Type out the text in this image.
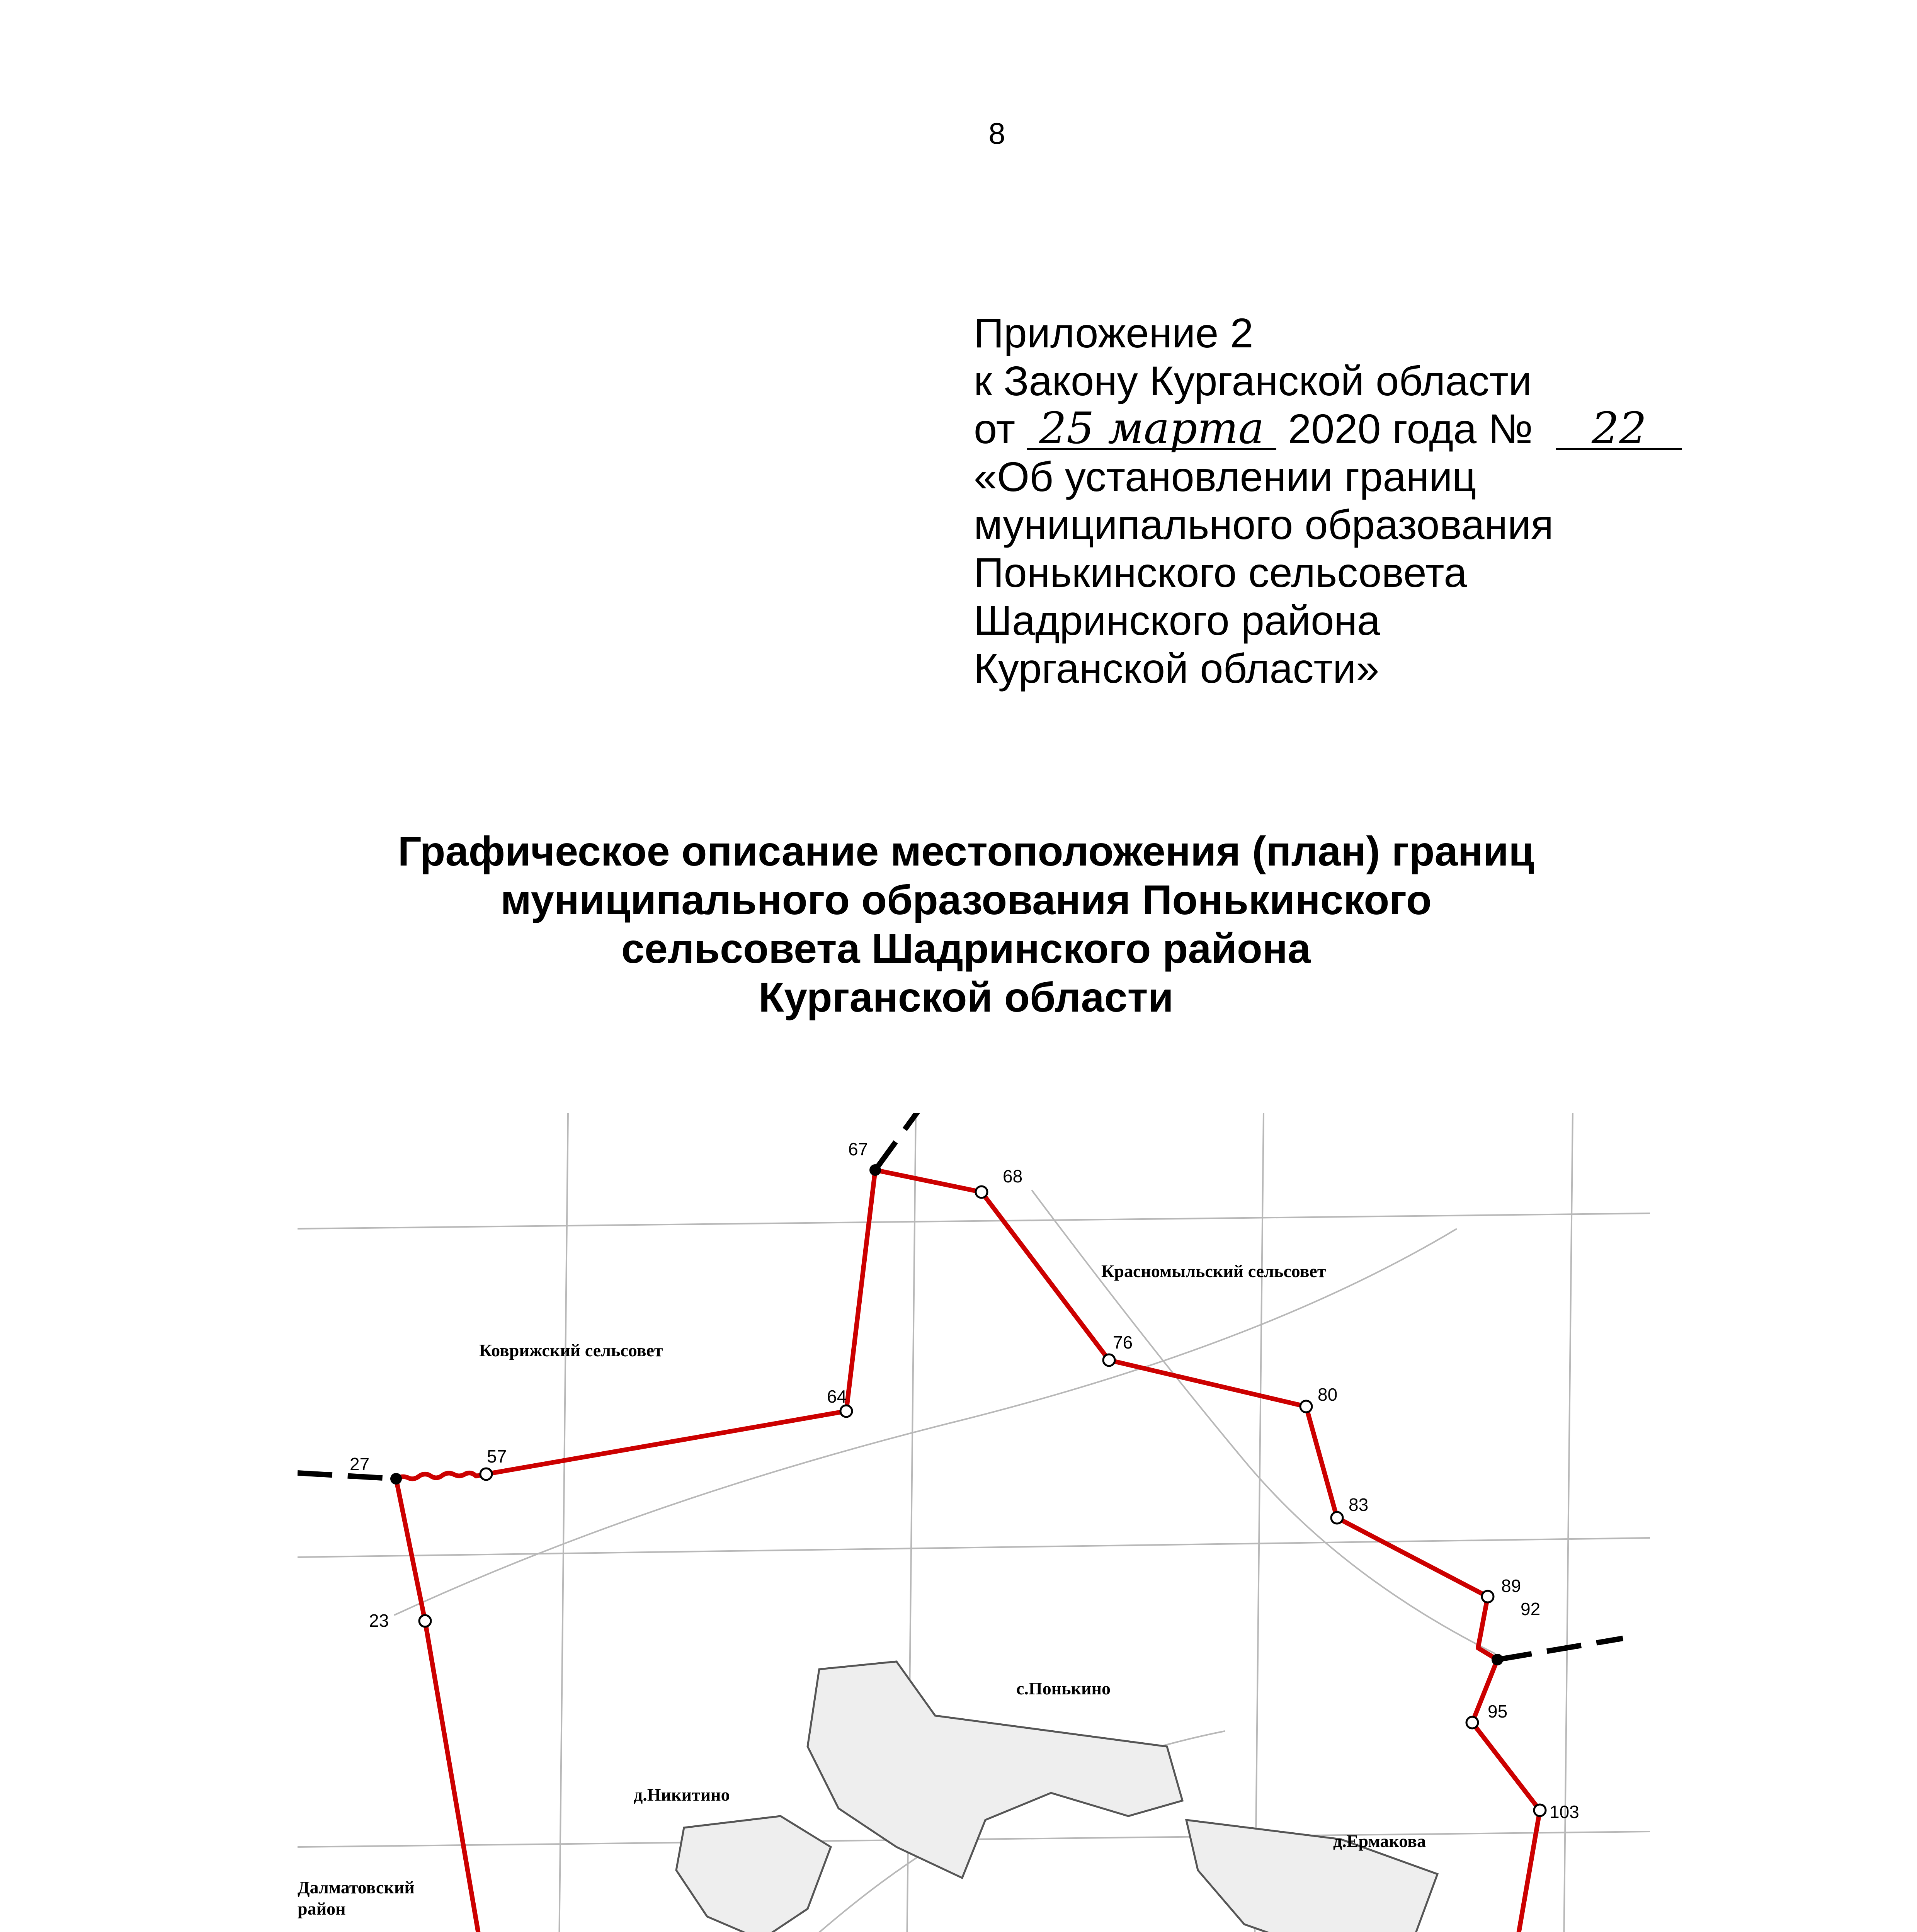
8
Приложение 2
к Закону Курганской области
от 25 марта 2020 года № 22
«Об установлении границ
муниципального образования
Понькинского сельсовета
Шадринского района
Курганской области»
Графическое описание местоположения (план) границ
муниципального образования Понькинского
сельсовета Шадринского района
Курганской области
27	57
64
67
68
76
80
83
89
92
95
103
23
Красномыльский сельсовет
Коврижский сельсовет
с.Понькино
д.Никитино
д.Ермакова
Далматовский
район
